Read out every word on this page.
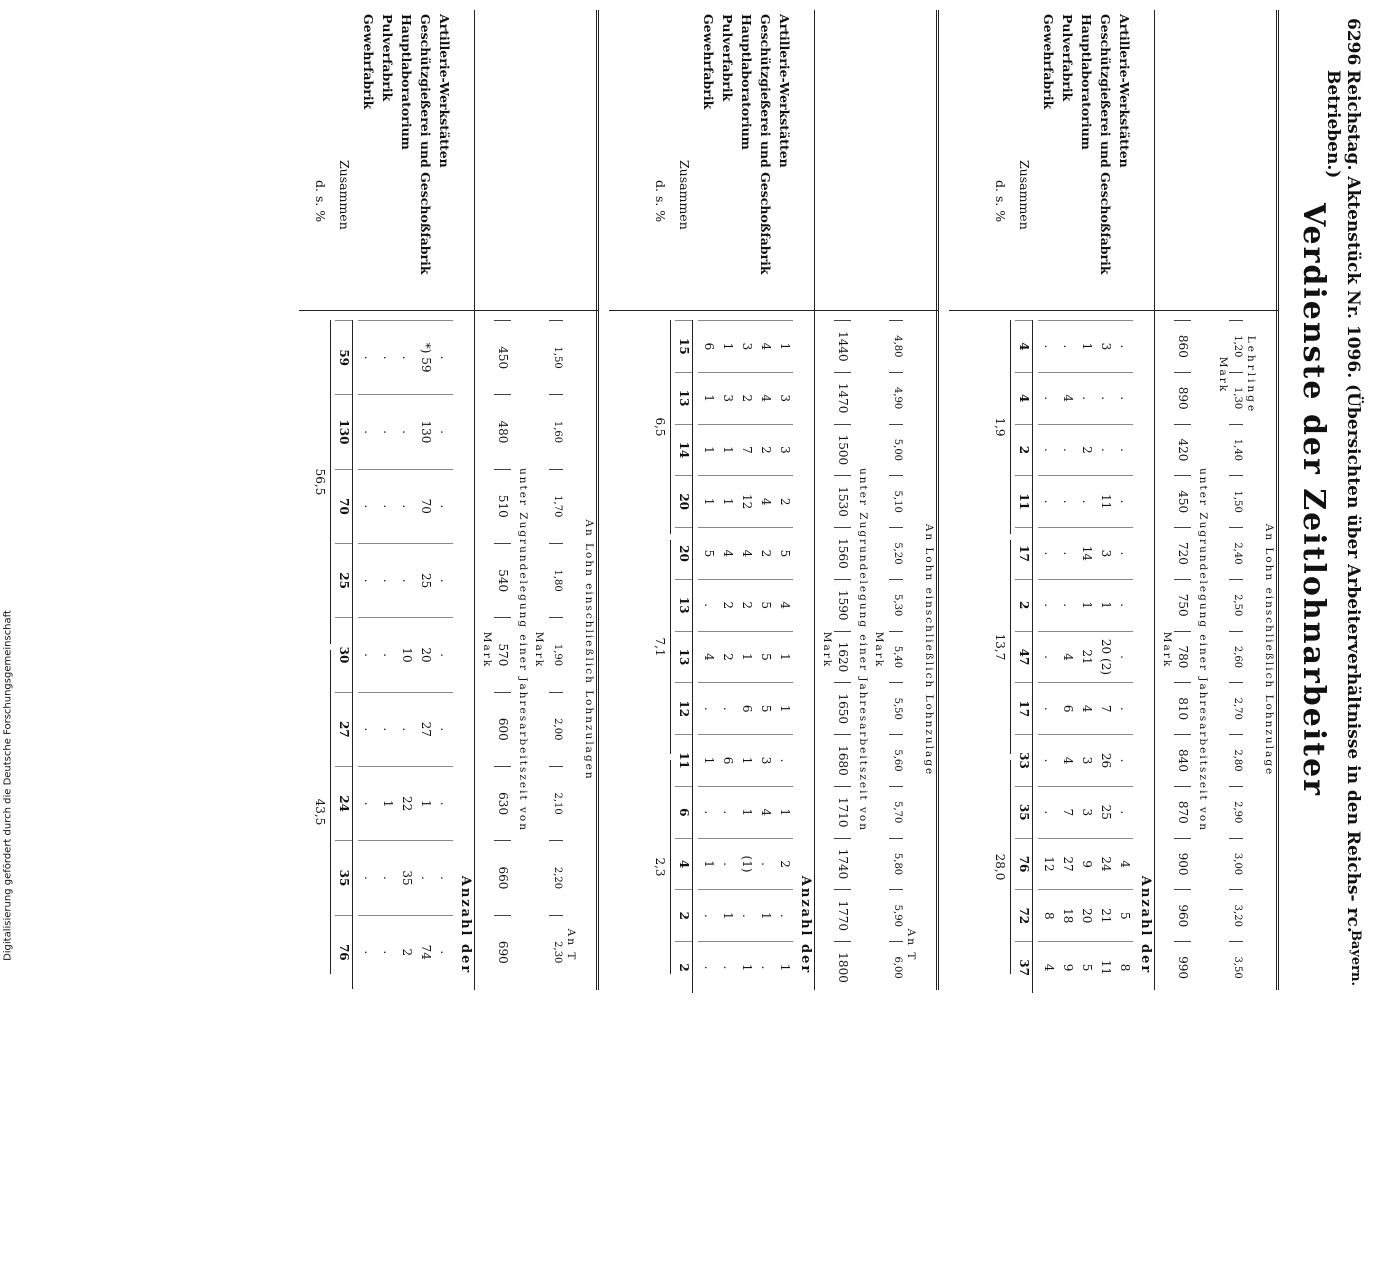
6296
Reichstag. Aktenstück Nr. 1096. (Übersichten über Arbeiterverhältnisse in den Reichs- rc. Betrieben.)
Bayern.
Verdienste der Zeitlohnarbeiter
An Lohn einschließlich Lohnzulage
Lehrlinge
Mark
1,20
1,30
1,40
1,50
2,40
2,50
2,60
2,70
2,80
2,90
3,00
3,20
3,50
unter Zugrundelegung einer Jahresarbeitszeit von
860
890
420
450
720
750
780
810
840
870
900
960
990
Mark
Anzahl der
Artillerie-Werkstätten
Geschützgießerei und Geschoßfabrik
Hauptlaboratorium
Pulverfabrik
Gewehrfabrik
.
.
.
.
.
.
.
.
.
.
4
5
8
3
.
.
11
3
1
20 (2)
7
26
25
24
21
11
1
.
2
.
14
1
21
4
3
3
9
20
5
.
4
.
.
.
.
4
6
4
7
27
18
9
.
.
.
.
.
.
.
.
.
.
12
8
4
Zusammen
4
4
2
11
17
2
47
17
33
35
76
72
37
d. s. %
1,9
13,7
28,0
An Lohn einschließlich Lohnzulage
An T
4,80
4,90
5,00
5,10
5,20
5,30
5,40
5,50
5,60
5,70
5,80
5,90
6,00
Mark
unter Zugrundelegung einer Jahresarbeitszeit von
1440
1470
1500
1530
1560
1590
1620
1650
1680
1710
1740
1770
1800
Mark
Anzahl der
Artillerie-Werkstätten
Geschützgießerei und Geschoßfabrik
Hauptlaboratorium
Pulverfabrik
Gewehrfabrik
1
3
3
2
5
4
1
1
.
1
2
.
1
4
4
2
4
2
5
5
5
3
4
.
1
.
3
2
7
12
4
2
1
6
1
1
(1)
.
1
1
3
1
1
4
2
2
.
6
.
.
1
.
6
1
1
1
5
.
4
.
1
.
1
.
.
Zusammen
15
13
14
20
20
13
13
12
11
6
4
2
2
d. s. %
6,5
7,1
2,3
An Lohn einschließlich Lohnzulagen
An T
1,50
1,60
1,70
1,80
1,90
2,00
2,10
2,20
2,30
Mark
unter Zugrundelegung einer Jahresarbeitszeit von
450
480
510
540
570
600
630
660
690
Mark
Anzahl der
Artillerie-Werkstätten
Geschützgießerei und Geschoßfabrik
Hauptlaboratorium
Pulverfabrik
Gewehrfabrik
.
.
.
.
.
.
.
.
.
*) 59
130
70
25
20
27
1
.
74
.
.
.
.
10
.
22
35
2
.
.
.
.
.
.
1
.
.
.
.
.
.
.
.
.
.
.
Zusammen
59
130
70
25
30
27
24
35
76
d. s. %
56,5
43,5
Digitalisierung gefördert durch die Deutsche Forschungsgemeinschaft
